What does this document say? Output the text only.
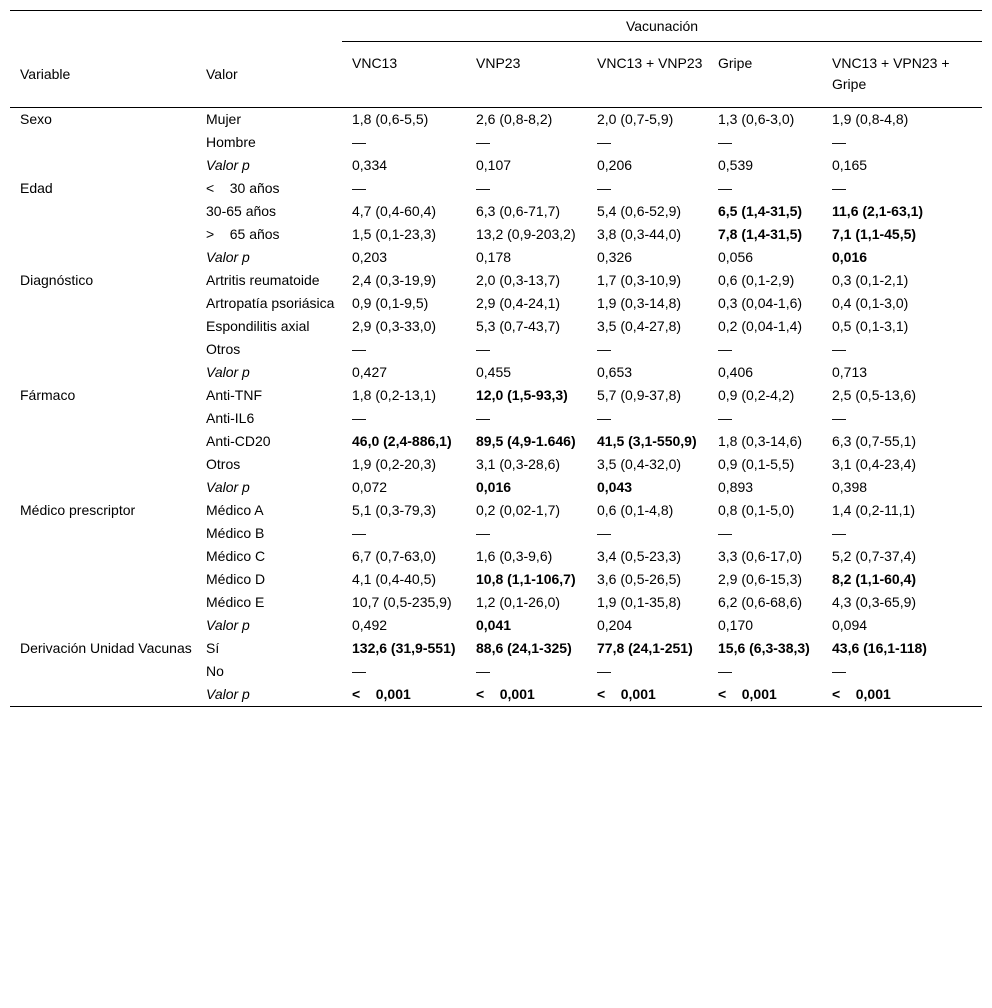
		Vacunación				
Variable	Valor	VNC13	VNP23	VNC13 + VNP23	Gripe	VNC13 + VPN23 + Gripe
Sexo	Mujer	1,8 (0,6-5,5)	2,6 (0,8-8,2)	2,0 (0,7-5,9)	1,3 (0,6-3,0)	1,9 (0,8-4,8)
	Hombre	—	—	—	—	—
	Valor p	0,334	0,107	0,206	0,539	0,165
Edad	<    30 años	—	—	—	—	—
	30-65 años	4,7 (0,4-60,4)	6,3 (0,6-71,7)	5,4 (0,6-52,9)	6,5 (1,4-31,5)	11,6 (2,1-63,1)
	>    65 años	1,5 (0,1-23,3)	13,2 (0,9-203,2)	3,8 (0,3-44,0)	7,8 (1,4-31,5)	7,1 (1,1-45,5)
	Valor p	0,203	0,178	0,326	0,056	0,016
Diagnóstico	Artritis reumatoide	2,4 (0,3-19,9)	2,0 (0,3-13,7)	1,7 (0,3-10,9)	0,6 (0,1-2,9)	0,3 (0,1-2,1)
	Artropatía psoriásica	0,9 (0,1-9,5)	2,9 (0,4-24,1)	1,9 (0,3-14,8)	0,3 (0,04-1,6)	0,4 (0,1-3,0)
	Espondilitis axial	2,9 (0,3-33,0)	5,3 (0,7-43,7)	3,5 (0,4-27,8)	0,2 (0,04-1,4)	0,5 (0,1-3,1)
	Otros	—	—	—	—	—
	Valor p	0,427	0,455	0,653	0,406	0,713
Fármaco	Anti-TNF	1,8 (0,2-13,1)	12,0 (1,5-93,3)	5,7 (0,9-37,8)	0,9 (0,2-4,2)	2,5 (0,5-13,6)
	Anti-IL6	—	—	—	—	—
	Anti-CD20	46,0 (2,4-886,1)	89,5 (4,9-1.646)	41,5 (3,1-550,9)	1,8 (0,3-14,6)	6,3 (0,7-55,1)
	Otros	1,9 (0,2-20,3)	3,1 (0,3-28,6)	3,5 (0,4-32,0)	0,9 (0,1-5,5)	3,1 (0,4-23,4)
	Valor p	0,072	0,016	0,043	0,893	0,398
Médico prescriptor	Médico A	5,1 (0,3-79,3)	0,2 (0,02-1,7)	0,6 (0,1-4,8)	0,8 (0,1-5,0)	1,4 (0,2-11,1)
	Médico B	—	—	—	—	—
	Médico C	6,7 (0,7-63,0)	1,6 (0,3-9,6)	3,4 (0,5-23,3)	3,3 (0,6-17,0)	5,2 (0,7-37,4)
	Médico D	4,1 (0,4-40,5)	10,8 (1,1-106,7)	3,6 (0,5-26,5)	2,9 (0,6-15,3)	8,2 (1,1-60,4)
	Médico E	10,7 (0,5-235,9)	1,2 (0,1-26,0)	1,9 (0,1-35,8)	6,2 (0,6-68,6)	4,3 (0,3-65,9)
	Valor p	0,492	0,041	0,204	0,170	0,094
Derivación Unidad Vacunas	Sí	132,6 (31,9-551)	88,6 (24,1-325)	77,8 (24,1-251)	15,6 (6,3-38,3)	43,6 (16,1-118)
	No	—	—	—	—	—
	Valor p	<    0,001	<    0,001	<    0,001	<    0,001	<    0,001
